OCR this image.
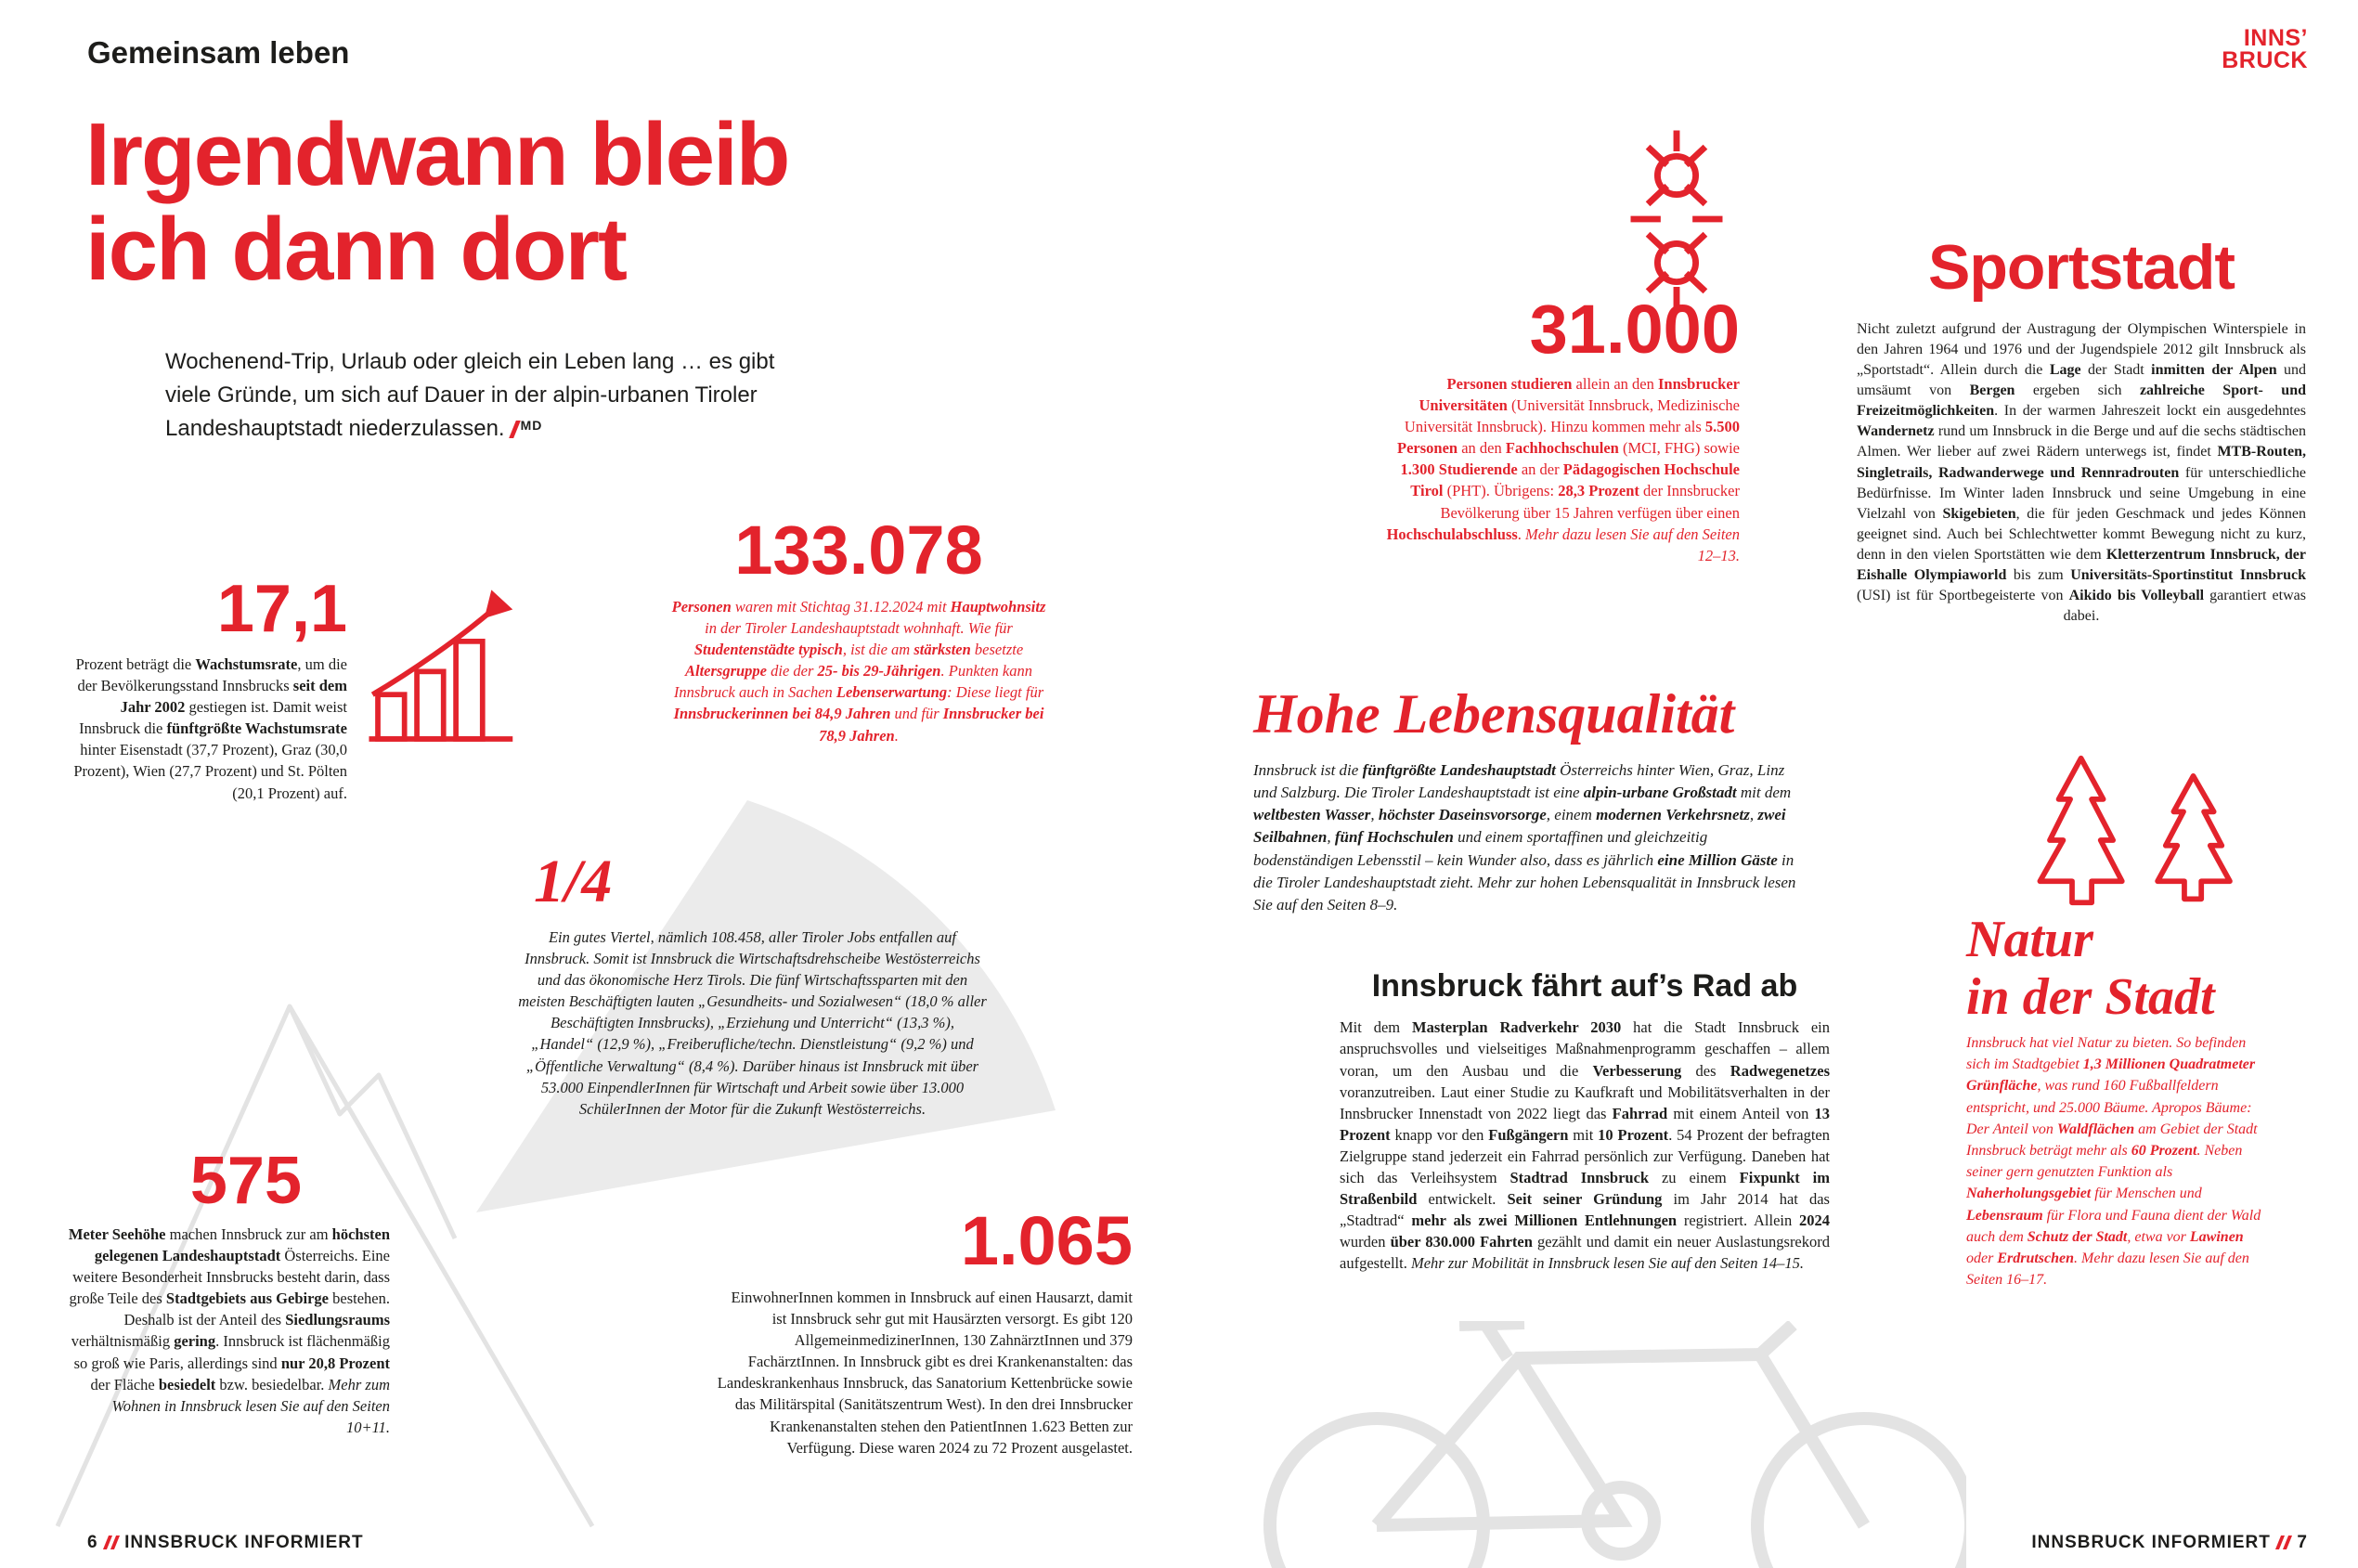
Gemeinsam leben
Irgendwann bleib
ich dann dort
Wochenend-Trip, Urlaub oder gleich ein Leben lang … es gibt viele Gründe, um sich auf Dauer in der alpin-urbanen Tiroler Landeshauptstadt niederzulassen. $^{MD}$
17,1
Prozent beträgt die Wachstumsrate, um die der Bevölkerungsstand Innsbrucks seit dem Jahr 2002 gestiegen ist. Damit weist Innsbruck die fünftgrößte Wachstumsrate hinter Eisenstadt (37,7 Prozent), Graz (30,0 Prozent), Wien (27,7 Prozent) und St. Pölten (20,1 Prozent) auf.
133.078
Personen waren mit Stichtag 31.12.2024 mit Hauptwohnsitz in der Tiroler Landeshauptstadt wohnhaft. Wie für Studentenstädte typisch, ist die am stärksten besetzte Altersgruppe die der 25- bis 29-Jährigen. Punkten kann Innsbruck auch in Sachen Lebenserwartung: Diese liegt für Innsbruckerinnen bei 84,9 Jahren und für Innsbrucker bei 78,9 Jahren.
1/4
Ein gutes Viertel, nämlich 108.458, aller Tiroler Jobs entfallen auf Innsbruck. Somit ist Innsbruck die Wirtschaftsdrehscheibe Westösterreichs und das ökonomische Herz Tirols. Die fünf Wirtschaftssparten mit den meisten Beschäftigten lauten „Gesundheits- und Sozialwesen“ (18,0 % aller Beschäftigten Innsbrucks), „Erziehung und Unterricht“ (13,3 %), „Handel“ (12,9 %), „Freiberufliche/techn. Dienstleistung“ (9,2 %) und „Öffentliche Verwaltung“ (8,4 %). Darüber hinaus ist Innsbruck mit über 53.000 EinpendlerInnen für Wirtschaft und Arbeit sowie über 13.000 SchülerInnen der Motor für die Zukunft Westösterreichs.
575
Meter Seehöhe machen Innsbruck zur am höchsten gelegenen Landeshauptstadt Österreichs. Eine weitere Besonderheit Innsbrucks besteht darin, dass große Teile des Stadtgebiets aus Gebirge bestehen. Deshalb ist der Anteil des Siedlungsraums verhältnismäßig gering. Innsbruck ist flächenmäßig so groß wie Paris, allerdings sind nur 20,8 Prozent der Fläche besiedelt bzw. besiedelbar. Mehr zum Wohnen in Innsbruck lesen Sie auf den Seiten 10+11.
1.065
EinwohnerInnen kommen in Innsbruck auf einen Hausarzt, damit ist Innsbruck sehr gut mit Hausärzten versorgt. Es gibt 120 AllgemeinmedizinerInnen, 130 ZahnärztInnen und 379 FachärztInnen. In Innsbruck gibt es drei Krankenanstalten: das Landeskrankenhaus Innsbruck, das Sanatorium Kettenbrücke sowie das Militärspital (Sanitätszentrum West). In den drei Innsbrucker Krankenanstalten stehen den PatientInnen 1.623 Betten zur Verfügung. Diese waren 2024 zu 72 Prozent ausgelastet.
6 INNSBRUCK INFORMIERT
INNS’
BRUCK
31.000
Personen studieren allein an den Innsbrucker Universitäten (Universität Innsbruck, Medizinische Universität Innsbruck). Hinzu kommen mehr als 5.500 Personen an den Fachhochschulen (MCI, FHG) sowie 1.300 Studierende an der Pädagogischen Hochschule Tirol (PHT). Übrigens: 28,3 Prozent der Innsbrucker Bevölkerung über 15 Jahren verfügen über einen Hochschulabschluss. Mehr dazu lesen Sie auf den Seiten 12–13.
Sportstadt
Nicht zuletzt aufgrund der Austragung der Olympischen Winterspiele in den Jahren 1964 und 1976 und der Jugendspiele 2012 gilt Innsbruck als „Sportstadt“. Allein durch die Lage der Stadt inmitten der Alpen und umsäumt von Bergen ergeben sich zahlreiche Sport- und Freizeitmöglichkeiten. In der warmen Jahreszeit lockt ein ausgedehntes Wandernetz rund um Innsbruck in die Berge und auf die sechs städtischen Almen. Wer lieber auf zwei Rädern unterwegs ist, findet MTB-Routen, Singletrails, Radwanderwege und Rennradrouten für unterschiedliche Bedürfnisse. Im Winter laden Innsbruck und seine Umgebung in eine Vielzahl von Skigebieten, die für jeden Geschmack und jedes Können geeignet sind. Auch bei Schlechtwetter kommt Bewegung nicht zu kurz, denn in den vielen Sportstätten wie dem Kletterzentrum Innsbruck, der Eishalle Olympiaworld bis zum Universitäts-Sportinstitut Innsbruck (USI) ist für Sportbegeisterte von Aikido bis Volleyball garantiert etwas dabei.
Hohe Lebensqualität
Innsbruck ist die fünftgrößte Landeshauptstadt Österreichs hinter Wien, Graz, Linz und Salzburg. Die Tiroler Landeshauptstadt ist eine alpin-urbane Großstadt mit dem weltbesten Wasser, höchster Daseinsvorsorge, einem modernen Verkehrsnetz, zwei Seilbahnen, fünf Hochschulen und einem sportaffinen und gleichzeitig bodenständigen Lebensstil – kein Wunder also, dass es jährlich eine Million Gäste in die Tiroler Landeshauptstadt zieht. Mehr zur hohen Lebensqualität in Innsbruck lesen Sie auf den Seiten 8–9.
Innsbruck fährt auf’s Rad ab
Mit dem Masterplan Radverkehr 2030 hat die Stadt Innsbruck ein anspruchsvolles und vielseitiges Maßnahmenprogramm geschaffen – allem voran, um den Ausbau und die Verbesserung des Radwegenetzes voranzutreiben. Laut einer Studie zu Kaufkraft und Mobilitätsverhalten in der Innsbrucker Innenstadt von 2022 liegt das Fahrrad mit einem Anteil von 13 Prozent knapp vor den Fußgängern mit 10 Prozent. 54 Prozent der befragten Zielgruppe stand jederzeit ein Fahrrad persönlich zur Verfügung. Daneben hat sich das Verleihsystem Stadtrad Innsbruck zu einem Fixpunkt im Straßenbild entwickelt. Seit seiner Gründung im Jahr 2014 hat das „Stadtrad“ mehr als zwei Millionen Entlehnungen registriert. Allein 2024 wurden über 830.000 Fahrten gezählt und damit ein neuer Auslastungsrekord aufgestellt. Mehr zur Mobilität in Innsbruck lesen Sie auf den Seiten 14–15.
Natur
in der Stadt
Innsbruck hat viel Natur zu bieten. So befinden sich im Stadtgebiet 1,3 Millionen Quadratmeter Grünfläche, was rund 160 Fußballfeldern entspricht, und 25.000 Bäume. Apropos Bäume: Der Anteil von Waldflächen am Gebiet der Stadt Innsbruck beträgt mehr als 60 Prozent. Neben seiner gern genutzten Funktion als Naherholungsgebiet für Menschen und Lebensraum für Flora und Fauna dient der Wald auch dem Schutz der Stadt, etwa vor Lawinen oder Erdrutschen. Mehr dazu lesen Sie auf den Seiten 16–17.
INNSBRUCK INFORMIERT 7
